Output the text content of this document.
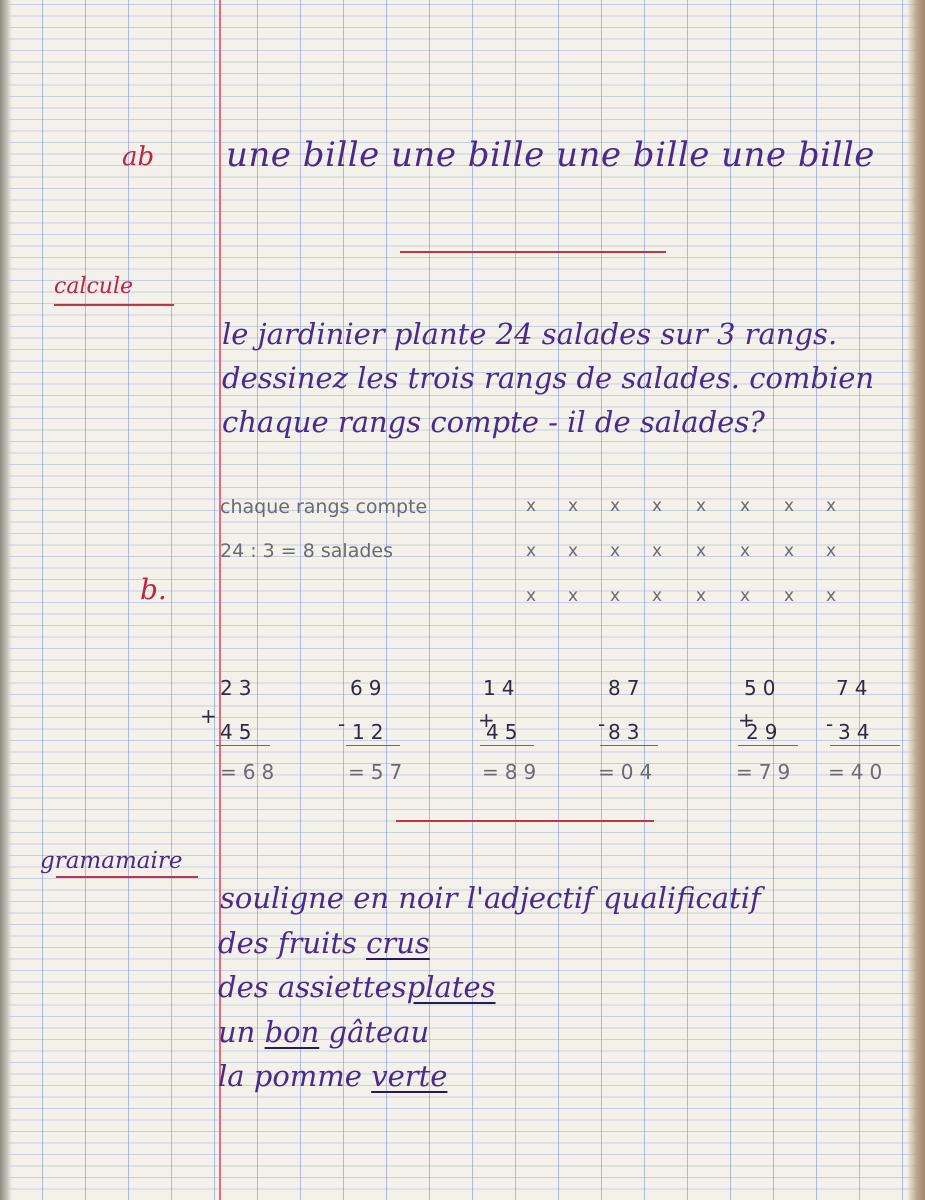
ab une bille une bille une bille une bille
calcule
le jardinier plante 24 salades sur 3 rangs.
dessinez les trois rangs de salades. combien
chaque rangs compte - il de salades?
chaque rangs compte
24 : 3 = 8 salades
b.
x x x x x x x x
x x x x x x x x
x x x x x x x x
23
+
45
=68
69
- 12
=57
14
+
45
=89
87
- 83
=04
50
+
29
=79
74
- 34
=40
gramamaire
souligne en noir l'adjectif qualificatif
des fruits crus
des assiettesplates
un bon gâteau
la pomme verte
